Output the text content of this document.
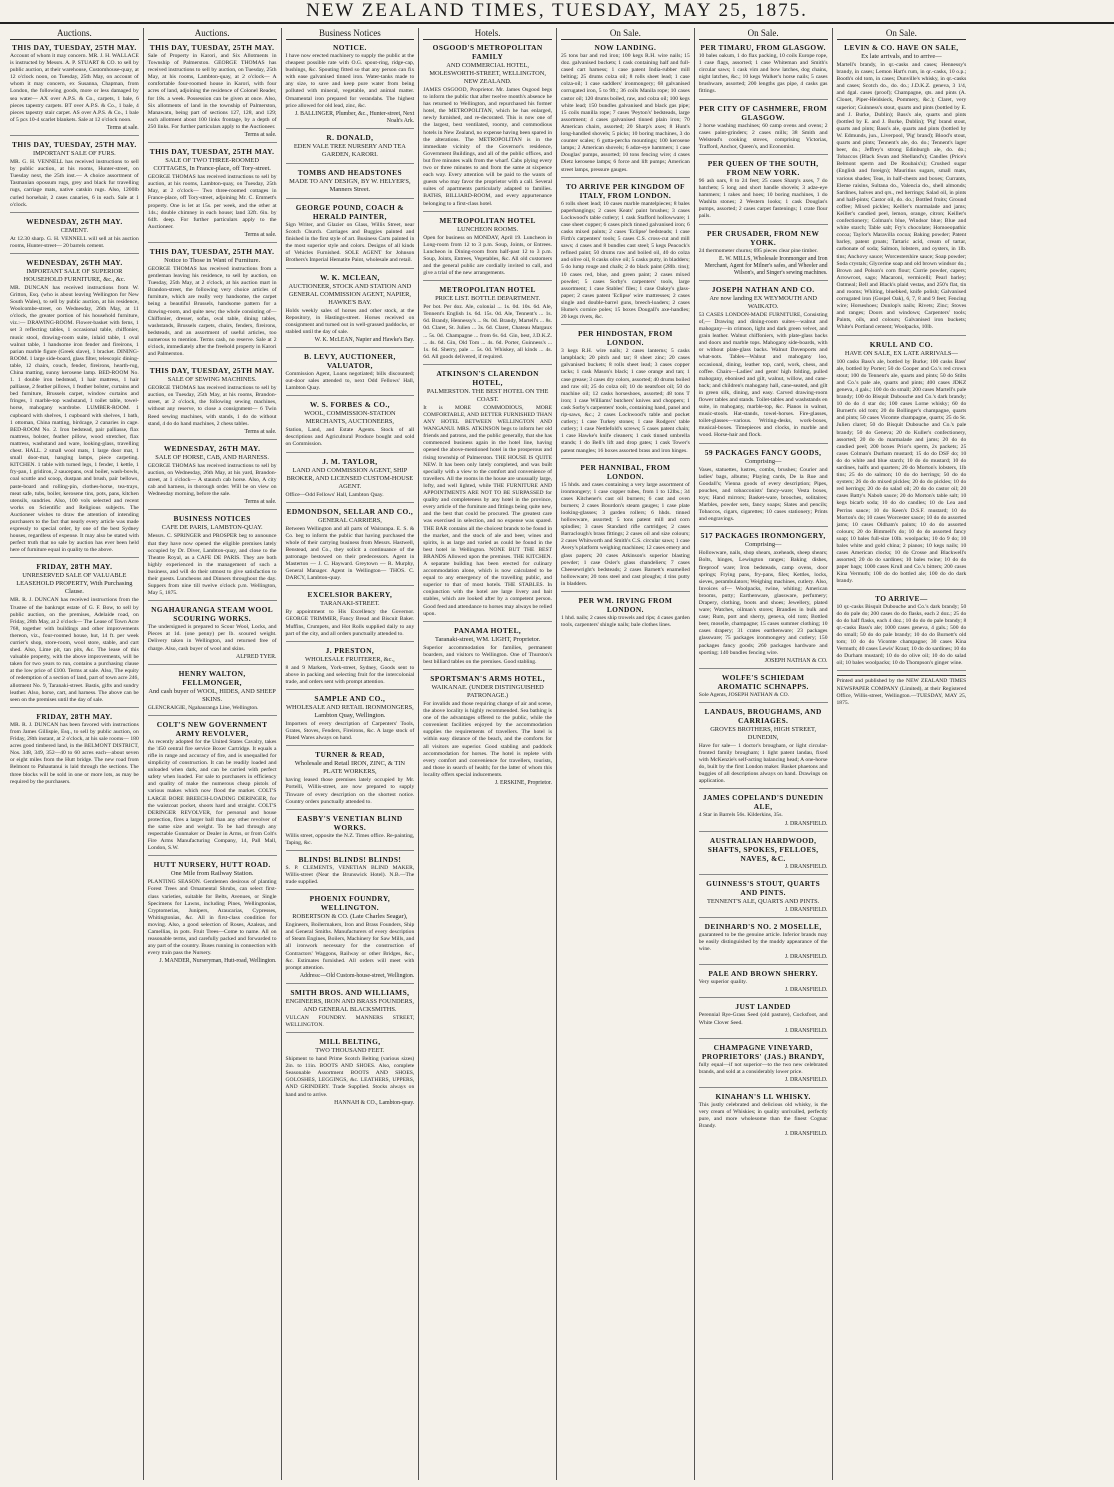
NEW ZEALAND TIMES, TUESDAY, MAY 25, 1875.
Auctions.
THIS DAY, TUESDAY, 25TH MAY.

Account of whom it may concern. MR. J. H. WALLACE is instructed by Messrs. A. P. STUART & CO. to sell by public auction, at their warehouse, Customhouse-quay, at 12 o'clock noon, on Tuesday, 25th May, on account of whom it may concern, ex Susanna, Chapman, from London, the following goods, more or less damaged by sea water— AX over A.P.S. & Co., carpets, 1 bale, 6 pieces tapestry carpets. BT over A.P.S. & Co., 1 bale, 4 pieces tapestry stair carpet. AS over A.P.S. & Co., 1 bale of 5 pcs 10-4 scarlet blankets. Sale at 12 o'clock noon.

Terms at sale.
THIS DAY, TUESDAY, 25TH MAY.
IMPORTANT SALE OF FURS.

MR. G. H. VENNELL has received instructions to sell by public auction, at his rooms, Hunter-street, on Tuesday next, the 25th inst.— A choice assortment of Tasmanian opossum rugs, grey and black fur travelling rugs, carriage mats, native catskin rugs. Also, 1200lb curled horsehair, 2 cases canaries, 6 in each. Sale at 1 o'clock.

WEDNESDAY, 26TH MAY.
CEMENT.

At 12.30 sharp. G. H. VENNELL will sell at his auction rooms, Hunter-street— 20 barrels cement.

WEDNESDAY, 26TH MAY.
IMPORTANT SALE OF SUPERIOR HOUSEHOLD FURNITURE, &c., &c.

MR. DUNCAN has received instructions from W. Gritton, Esq. (who is about leaving Wellington for New South Wales), to sell by public auction, at his residence, Woolcombe-street, on Wednesday, 26th May, at 11 o'clock, the greater portion of his household furniture, viz.:— DRAWING-ROOM. Flower-basket with ferns, 1 set 3 reflecting tables, 1 occasional table, chiffonier, music stool, drawing-room suite, inlaid table, 1 oval walnut table, 1 handsome iron fender and fireirons, 1 parian marble figure (Greek slave), 1 bracket. DINING-ROOM. 1 large side-board, glass filter, telescopic dining-table, 12 chairs, couch, fender, fireirons, hearth-rug, China matting, sunny kerosene lamp. BED-ROOM No. 1. 1 double iron bedstead, 1 hair mattress, 1 hair palliasse, 2 feather pillows, 1 feather bolster, curtains and bed furniture, Brussels carpet, window curtains and fringes, 1 marble-top washstand, 1 toilet table, towel-horse, mahogany wardrobe. LUMBER-ROOM. 1 cupboard with shelves, 1 cupboard with shelves, 1 bath, 1 ottoman, China matting, birdcage, 2 canaries in cage. BED-ROOM No. 2. Iron bedstead, pair palliasse, flax mattress, bolster, feather pillow, wood stretcher, flax mattress, washstand and ware, looking-glass, travelling chest. HALL. 2 small wool mats, 1 large door mat, 1 small door-mat, hanging lamps, piece carpeting. KITCHEN. 1 table with turned legs, 1 fender, 1 kettle, 1 fry-pan, 1 gridiron, 2 saucepans, oval boiler, wash-bowls, coal scuttle and scoop, dustpan and brush, pair bellows, paste-board and rolling-pin, clothes-horse, tea-trays, meat safe, tubs, boiler, kerosene tins, pots, pans, kitchen utensils, sundries. Also, 100 vols selected and recent works on Scientific and Religious subjects. The Auctioneer wishes to draw the attention of intending purchasers to the fact that nearly every article was made expressly to special order, by one of the best Sydney houses, regardless of expense. It may also be stated with perfect truth that no sale by auction has ever been held here of furniture equal in quality to the above.

FRIDAY, 28TH MAY.
UNRESERVED SALE OF VALUABLE LEASEHOLD PROPERTY, With Purchasing Clause.

MR. R. J. DUNCAN has received instructions from the Trustee of the bankrupt estate of G. F. Bow, to sell by public auction, on the premises, Adelaide road, on Friday, 28th May, at 2 o'clock— The Lease of Town Acre 768, together with buildings and other improvements thereon, viz., four-roomed house, hut, 14 ft. per week currier's shop, store-room, wool store, stable, and cart shed. Also, Lime pit, tan pits, &c. The lease of this valuable property, with the above improvements, will be taken for two years to run, contains a purchasing clause at the low price of £100. Terms at sale. Also, The equity of redemption of a section of land, part of town acre 246, allotment No. 9, Taranaki-street. Bastis, gifts and sundry leather. Also, horse, cart, and harness. The above can be seen on the premises until the day of sale.

FRIDAY, 28TH MAY.

MR. R. J. DUNCAN has been favored with instructions from James Gillispie, Esq., to sell by public auction, on Friday, 28th instant, at 2 o'clock, at his sale rooms— 180 acres good timbered land, in the BELMONT DISTRICT, Nos. 348, 349, 352—40 to 60 acres each—about seven or eight miles from the Hutt bridge. The new road from Belmont to Pahautanui is laid through the sections. The three blocks will be sold in one or more lots, as may be required by the purchasers.

Auctions.
THIS DAY, TUESDAY, 25TH MAY.

Sale of Property in Karori, and Six Allotments in Township of Palmerston. GEORGE THOMAS has received instructions to sell by auction, on Tuesday, 25th May, at his rooms, Lambton-quay, at 2 o'clock— A comfortable four-roomed house in Karori, with four acres of land, adjoining the residence of Colonel Reader, for 18s. a week. Possession can be given at once. Also, Six allotments of land in the township of Palmerston, Manawatu, being part of sections 127, 128, and 129; each allotment about 100 links frontage, by a depth of 250 links. For further particulars apply to the Auctioneer.

Terms at sale.
THIS DAY, TUESDAY, 25TH MAY.
SALE OF TWO THREE-ROOMED COTTAGES, In France-place, off Tory-street.

GEORGE THOMAS has received instructions to sell by auction, at his rooms, Lambton-quay, on Tuesday, 25th May, at 2 o'clock— Two three-roomed cottages in France-place, off Tory-street, adjoining Mr. C. Emmett's property. One is let at 15s. per week, and the other at 14s.; double chimney in each house; land 32ft. 6in. by 64ft. deep. For further particulars apply to the Auctioneer.

Terms at sale.
THIS DAY, TUESDAY, 25TH MAY.
Notice to Those in Want of Furniture.

GEORGE THOMAS has received instructions from a gentleman leaving his residence, to sell by auction, on Tuesday, 25th May, at 2 o'clock, at his auction mart in Brandon-street, the following very choice articles of furniture, which are really very handsome, the carpet being a beautiful Brussels, handsome pattern for a drawing-room, and quite new; the whole consisting of— Chiffonier, dresser, sofas, oval table, dining tables, washstands, Brussels carpets, chairs, fenders, fireirons, bedsteads, and an assortment of useful articles, too numerous to mention. Terms cash, no reserve. Sale at 2 o'clock, immediately after the freehold property in Karori and Palmerston.

THIS DAY, TUESDAY, 25TH MAY.
SALE OF SEWING MACHINES.

GEORGE THOMAS has received instructions to sell by auction, on Tuesday, 25th May, at his rooms, Brandon-street, at 2 o'clock, the following sewing machines, without any reserve, to close a consignment— 6 Twin Reed sewing machines, with stands, 1 do do without stand, 4 do do hand machines, 2 chess tables.

Terms at sale.
WEDNESDAY, 26TH MAY.
SALE OF HORSE, CAB, AND HARNESS.

GEORGE THOMAS has received instructions to sell by auction, on Wednesday, 26th May, at his yard, Brandon-street, at 1 o'clock— A staunch cab horse. Also, A city cab and harness, in thorough order. Will be on view on Wednesday morning, before the sale.

Terms at sale.
BUSINESS NOTICES
CAFE DE PARIS, LAMBTON-QUAY.

Messrs. C. SPRINGER and PROSPER beg to announce that they have now opened the eligible premises lately occupied by Dr. Diver, Lambton-quay, and close to the Theatre Royal, as a CAFE DE PARIS. They are both highly experienced in the management of such a business, and will do their utmost to give satisfaction to their guests. Luncheons and Dinners throughout the day. Suppers from nine till twelve o'clock p.m. Wellington, May 5, 1875.

NGAHAURANGA STEAM WOOL SCOURING WORKS.

The undersigned is prepared to Scour Wool, Locks, and Pieces at 1d. (one penny) per lb. scoured weight. Delivery taken in Wellington, and returned free of charge. Also, cash buyer of wool and skins.

ALFRED TYER.
HENRY WALTON, FELLMONGER,
And cash buyer of WOOL, HIDES, AND SHEEP SKINS.

GLENCRAIGIE, Ngahauranga Line, Wellington.

COLT'S NEW GOVERNMENT ARMY REVOLVER,

As recently adopted for the United States Cavalry, takes the '450 central fire service Boxer Cartridge. It equals a rifle in range and accuracy of fire, and is unequalled for simplicity of construction. It can be readily loaded and unloaded when dark, and can be carried with perfect safety when loaded. For sale to purchasers in efficiency and quality of make the numerous cheap pistols of various makes which now flood the market. COLT'S LARGE BORE BREECH-LOADING DERINGER, for the waistcoat pocket, shoots hard and straight. COLT'S DERINGER REVOLVER, for personal and house protection, fires a larger ball than any other revolver of the same size and weight. To be had through any respectable Gunmaker or Dealer in Arms, or from Colt's Fire Arms Manufacturing Company, 14, Pall Mall, London, S.W.

HUTT NURSERY, HUTT ROAD.
One Mile from Railway Station.

PLANTING SEASON. Gentlemen desirous of planting Forest Trees and Ornamental Shrubs, can select first-class varieties, suitable for Belts, Avenues, or Single Specimens for Lawns, including Pines, Wellingtonias, Cryptomerias, Junipers, Araucarias, Cypresses, Whitingtonias, &c. All in first-class condition for moving. Also, a good selection of Roses, Azaleas, and Camellias, in pots. Fruit Trees—Come to name. All on reasonable terms, and carefully packed and forwarded to any part of the country. Buses running in connection with every train pass the Nursery.

J. MANDER, Nurseryman, Hutt-road, Wellington.
Business Notices
NOTICE.

I have now erected machinery to supply the public at the cheapest possible rate with O.G. spout-ring, ridge-cap, bushings, &c. Spouting fitted so that any person can fix with ease galvanised tinned iron. Water-tanks made to any size, to save and keep pure water from being polluted with mineral, vegetable, and animal matter. Ornamental iron prepared for verandahs. The highest price allowed for old lead, zinc, &c.

J. BALLINGER, Plumber, &c., Hunter-street, Next Noah's Ark.
R. DONALD,
EDEN VALE TREE NURSERY AND TEA GARDEN, KARORI.
TOMBS AND HEADSTONES
MADE TO ANY DESIGN, BY W. HELYER'S, Manners Street.
GEORGE POUND, COACH & HERALD PAINTER,

Sign Writer, and Glazier on Glass, Willis Street, near Scotch Church. Carriages and Buggies painted and finished in the first style of art. Business Carts painted in the most superior style and colors. Designs of all kinds of Vehicles Furnished. SOLE AGENT for Johnson Brothers's Imperial Hematite Paint, wholesale and retail.

W. K. MCLEAN,
AUCTIONEER, STOCK AND STATION AND GENERAL COMMISSION AGENT, NAPIER, HAWKE'S BAY.

Holds weekly sales of horses and other stock, at the Repository, in Hastings-street. Horses received on consignment and turned out in well-grassed paddocks, or stabled until the day of sale.

W. K. McLEAN, Napier and Hawke's Bay.
B. LEVY, AUCTIONEER, VALUATOR,

Commission Agent, Loans negotiated; bills discounted; out-door sales attended to, next Odd Fellows' Hall, Lambton Quay.

W. S. FORBES & CO.,
WOOL, COMMISSION-STATION MERCHANTS, AUCTIONEERS,

Station, Land, and Estate Agents. Stock of all descriptions and Agricultural Produce bought and sold on Commission.

J. M. TAYLOR,
LAND AND COMMISSION AGENT, SHIP BROKER, AND LICENSED CUSTOM-HOUSE AGENT.

Office—Odd Fellows' Hall, Lambton Quay.

EDMONDSON, SELLAR AND CO.,
GENERAL CARRIERS,

Between Wellington and all parts of Wairarapa. E. S. & Co. beg to inform the public that having purchased the whole of their carrying business from Messrs. Hastwell, Benstead, and Co., they solicit a continuance of the patronage bestowed on their predecessors. Agent in Masterton — J. C. Hayward. Greytown — R. Murphy, General Manager. Agent in Wellington— THOS. C. DARCY, Lambton-quay.

EXCELSIOR BAKERY,
TARANAKI-STREET.

By appointment to His Excellency the Governor. GEORGE TRIMMER, Fancy Bread and Biscuit Baker. Muffins, Crumpets, and Hot Rolls supplied daily to any part of the city, and all orders punctually attended to.

J. PRESTON,
WHOLESALE FRUITERER, &c.,

8 and 9 Markets, York-street, Sydney, Goods sent to above in packing and selecting fruit for the intercolonial trade, and orders sent with prompt attention.

SAMPLE AND CO.,
WHOLESALE AND RETAIL IRONMONGERS, Lambton Quay, Wellington.

Importers of every description of Carpenters' Tools, Grates, Stoves, Fenders, Fireirons, &c. A large stock of Plated Wares always on hand.

TURNER & READ,
Wholesale and Retail IRON, ZINC, & TIN PLATE WORKERS,

having leased those premises lately occupied by Mr. Portelli, Willis-street, are now prepared to supply Tinware of every description on the shortest notice. Country orders punctually attended to.

EASBY'S VENETIAN BLIND WORKS.

Willis street, opposite the N.Z. Times office. Re-painting, Taping, &c.

BLINDS! BLINDS! BLINDS!

S. P. CLEMENTS, VENETIAN BLIND MAKER, Willis-street (Near the Brunswick Hotel). N.B.—The trade supplied.

PHOENIX FOUNDRY, WELLINGTON.
ROBERTSON & CO. (Late Charles Seagar),

Engineers, Boilermakers, Iron and Brass Founders, Ship and General Smiths. Manufacturers of every description of Steam Engines, Boilers, Machinery for Saw Mills, and all ironwork necessary for the construction of Contractors' Waggons, Railway or other Bridges, &c., &c. Estimates furnished. All orders will meet with prompt attention.

Address:—Old Custom-house-street, Wellington.
SMITH BROS. AND WILLIAMS,
ENGINEERS, IRON AND BRASS FOUNDERS, AND GENERAL BLACKSMITHS.

VULCAN FOUNDRY. MANNERS STREET, WELLINGTON.

MILL BELTING,
TWO THOUSAND FEET.

Shipment to hand Prime Scotch Belting (various sizes) 2in. to 11in. BOOTS AND SHOES. Also, complete Seasonable Assortment BOOTS AND SHOES, GOLOSHES, LEGGINGS, &c. LEATHERS, UPPERS, AND GRINDERY. Trade Supplied. Stocks always on hand and to arrive.

HANNAH & CO., Lambton-quay.
Hotels.
OSGOOD'S METROPOLITAN FAMILY
AND COMMERCIAL HOTEL, MOLESWORTH-STREET, WELLINGTON, NEW ZEALAND.

JAMES OSGOOD, Proprietor. Mr. James Osgood begs to inform the public that after twelve month's absence he has returned to Wellington, and repurchased his former hotel, the METROPOLITAN, which he has enlarged, newly furnished, and re-decorated. This is now one of the largest, best ventilated, roomy, and commodious hotels in New Zealand, no expense having been spared in the alterations. The METROPOLITAN is in the immediate vicinity of the Governor's residence, Government Buildings, and all of the public offices, and but five minutes walk from the wharf. Cabs plying every two or three minutes to and from the same at sixpence each way. Every attention will be paid to the wants of guests who may favor the proprietor with a call. Several suites of apartments particularly adapted to families. BATHS, BILLIARD-ROOM, and every appurtenance belonging to a first-class hotel.

METROPOLITAN HOTEL
LUNCHEON ROOMS.

Open for business on MONDAY, April 19. Luncheon in Long-room from 12 to 3 p.m. Soup, Joints, or Entrees. Luncheon in Dining-room from half-past 12 to 3 p.m. Soup, Joints, Entrees, Vegetables, &c. All old customers and the general public are cordially invited to call, and give a trial of the new arrangements.

METROPOLITAN HOTEL
PRICE LIST. BOTTLE DEPARTMENT.

Per bot. Per doz. Ale, colonial ... 1s. 0d. 10s. 6d. Ale, Tennent's English 1s. 6d. 15s. 0d. Ale, Tennent's ... 1s. 6d. Brandy, Hennessy's ... 8s. 0d. Brandy, Martell's ... 8s. 0d. Claret, St. Julien ... 3s. 6d. Claret, Chateau Margaux ... 5s. 0d. Champagne ... from 6s. 6d. Gin, best, J.D.K.Z. ... 4s. 6d. Gin, Old Tom ... 4s. 6d. Porter, Guinness's ... 1s. 6d. Sherry, pale ... 5s. 0d. Whiskey, all kinds ... 4s. 6d. All goods delivered, if required.

ATKINSON'S CLARENDON HOTEL,
PALMERSTON. THE BEST HOTEL ON THE COAST.

It is MORE COMMODIOUS, MORE COMFORTABLE, AND BETTER FURNISHED THAN ANY HOTEL BETWEEN WELLINGTON AND WANGANUI. MRS. ATKINSON begs to inform her old friends and patrons, and the public generally, that she has commenced business again in the hotel line, having opened the above-mentioned hotel in the prosperous and rising township of Palmerston. THE HOUSE IS QUITE NEW. It has been only lately completed, and was built specially with a view to the comfort and convenience of travellers. All the rooms in the house are unusually large, lofty, and well lighted, while THE FURNITURE AND APPOINTMENTS ARE NOT TO BE SURPASSED for quality and completeness by any hotel in the province, every article of the furniture and fittings being quite new, and the best that could be procured. The greatest care was exercised in selection, and no expense was spared. THE BAR contains all the choicest brands to be found in the market, and the stock of ale and beer, wines and spirits, is as large and varied as could be found in the best hotel in Wellington. NONE BUT THE BEST BRANDS Allowed upon the premises. THE KITCHEN. A separate building has been erected for culinary accommodation alone, which is now calculated to be equal to any emergency of the travelling public, and superior to that of most hotels. THE STABLES. In conjunction with the hotel are large livery and bait stables, which are looked after by a competent person. Good feed and attendance to horses may always be relied upon.

PANAMA HOTEL,
Taranaki-street, WM. LIGHT, Proprietor.

Superior accommodation for families, permanent boarders, and visitors to Wellington. One of Thurston's best billiard tables on the premises. Good stabling.

SPORTSMAN'S ARMS HOTEL,
WAIKANAE. (UNDER DISTINGUISHED PATRONAGE.)

For invalids and those requiring change of air and scene, the above locality is highly recommended. Sea bathing is one of the advantages offered to the public, while the convenient facilities enjoyed by the accommodation supplies the requirements of travellers. The hotel is within easy distance of the beach, and the comforts for all visitors are superior. Good stabling and paddock accommodation for horses. The hotel is replete with every comfort and convenience for travellers, tourists, and those in search of health; for the latter of whom this locality offers special inducements.

J. ERSKINE, Proprietor.
On Sale.
NOW LANDING.

25 tons bar and rod iron; 100 kegs R.H. wire nails; 15 doz. galvanised buckets; 1 cask containing half and full-cased cart harness; 1 case patent India-rubber mill belting; 25 drums colza oil; 8 rolls sheet lead; 1 case colza-oil; 1 case saddlers' ironmongery; 68 galvanised corrugated iron, 5 to 9ft.; 36 coils Manila rope; 10 cases castor oil; 120 drums boiled, raw, and colza oil; 100 kegs white lead; 150 bundles galvanised and black gas pipe; 15 coils manilla rope; 7 cases 'Peyton's' bedsteads, large assortment; 4 cases galvanised tinned plain iron; 70 American chairs, assorted; 20 Sharp's axes; 8 Hunt's long-handled shovels; 5 picks; 10 boring machines, 3 do counter scales; 6 gutta-percha mountings; 100 kerosene lamps; 2 American shovels; 6 adze-eye hammers; 1 case Douglas' pumps, assorted; 10 tons fencing wire; 4 cases Dietz kerosene lamps; 6 force and lift pumps; American street lamps, pressure gauges.

TO ARRIVE PER KINGDOM OF ITALY, FROM LONDON.

6 rolls sheet lead; 10 cases marble mantelpieces; 8 bales paperhangings; 2 cases Keats' paint brushes; 3 cases Lockwood's table cutlery; 1 cask Stafford hollowware; 1 case sheet copper; 6 cases pitch tinned galvanised iron; 6 casks mixed paints; 2 cases 'Eclipse' bedsteads; 1 case Firth's carpenters' tools; 5 cases C.S. cross-cut and mill saws; 4 cases and 8 bundles cast steel; 5 kegs Peacock's refined paint; 50 drums raw and boiled oil, 40 do colza and olive oil, 8 casks olive oil; 5 casks putty, in bladders; 5 do lump rouge and chalk; 2 do black paint (28lb. tins); 10 cases red, blue, and green paint; 2 cases mixed powder; 5 cases Sorby's carpenters' tools, large assortment; 1 case Stables' files; 1 case Oakey's glass-paper; 2 cases patent 'Eclipse' wire mattresses; 2 cases single and double-barrel guns, breech-loaders; 2 cases Hume's cornice poles; 15 boxes Dougall's axe-handles; 20 kegs rivets, &c.

PER HINDOSTAN, FROM LONDON.

3 kegs R.H. wire nails; 2 cases lanterns; 5 casks lampblack; 20 pitch and tar; 8 sheet zinc; 20 cases galvanised buckets; 8 rolls sheet lead; 3 cases copper tacks; 1 cask Mason's black; 1 case orange and tan; 1 case grease; 3 cases dry colors, assorted; 40 drums boiled and raw oil; 25 do colza oil; 10 do neatsfoot oil; 50 do machine oil; 12 casks horseshoes, assorted; 48 tons T iron; 1 case Williams' butchers' knives and choppers; 1 cask Sorby's carpenters' tools, containing hand, panel and rip-saws, &c.; 2 cases Lockwood's table and pocket cutlery; 1 case Turkey stones; 1 case Rodgers' table cutlery; 1 case Nettlefold's screws; 5 cases patent chain; 1 case Hawke's knife cleaners; 1 cask tinned umbrella stands; 1 do Bell's lift and drop gates; 1 cask Tower's patent mangles; 16 boxes assorted brass and iron hinges.

PER HANNIBAL, FROM LONDON.

15 hhds. and cases containing a very large assortment of ironmongery; 1 case copper tubes, from 1 to 12lbs.; 34 cases Kitchener's cast oil burners; 6 cast and oven burners; 2 cases Bourdon's steam gauges; 1 case plate looking-glasses; 3 garden rollers; 6 hhds. tinned hollowware, assorted; 5 tons patent mill and corn spindles; 3 cases Standard rifle cartridges; 2 cases Barraclough's brass fittings; 2 cases oil and size colours; 2 cases Whitworth and Smith's C.S. circular saws; 1 case Avery's platform weighing machines; 12 cases emery and glass papers; 20 cases Atkinson's superior blasting powder; 1 case Osler's glass chandeliers; 7 cases Cheesewright's bedsteads; 2 cases Barnett's enamelled hollowware; 20 tons steel and cast ploughs; 4 tins putty in bladders.

PER WM. IRVING FROM LONDON.

1 hhd. nails; 2 cases ship trowels and rips; 4 cases garden tools, carpenters' shingle nails; bale clothes lines.

On Sale.
PER TIMARU, FROM GLASGOW.

10 bales oakum, 1 do flax packing, 10 coils Europe rope, 1 case flags, assorted; 1 case Whiteman and Smith's circular saws; 1 cask vim and bow latches, dog chains, night latches, &c.; 10 kegs Walker's horse nails; 5 cases brushware, assorted; 200 lengths gas pipe, 4 casks gas fittings.

PER CITY OF CASHMERE, FROM GLASGOW.

2 horse washing machines; 60 camp ovens and ovens; 2 cases paint-grinders; 2 cases mills; 38 Smith and Welstead's cooking stoves, comprising Victorias, Trafford, Anchor, Queen's, and Economist.

PER QUEEN OF THE SOUTH, FROM NEW YORK.

96 ash oars, 8 to 24 feet; 25 cases Sharp's axes, 7 do hatchets; 5 long and short handle shovels; 3 adze-eye hammers; 1 rakes and hoes; 10 boring machines, 1 do Washita stones; 2 Western looks; 1 cask Douglas's pumps, assorted; 2 cases carpet fastenings; 1 crate flour pails.

PER CRUSADER, FROM NEW YORK.

24 thermometer churns; 695 pieces clear pine timber.

E. W. MILLS, Wholesale Ironmonger and Iron Merchant, Agent for Milner's safes, and Wheeler and Wilson's, and Singer's sewing machines.
JOSEPH NATHAN AND CO.
Are now landing EX WEYMOUTH AND WAIKATO.

53 CASES LONDON-MADE FURNITURE, Consisting of,— Drawing and dining-room suites—walnut and mahogany—in crimson, light and dark green velvet, and grain leather. Walnut chiffoniers, with plate-glass backs and doors and marble tops. Mahogany side-boards, with or without plate-glass backs. Walnut Davenports and what-nots. Tables—Walnut and mahogany loo, occasional, dining, leather top, card, work, chess, and coffee. Chairs—Ladies' and gents' high folding, pulled mahogany, ebonised and gilt, walnut, willow, and cane-back; and children's mahogany hall, cane-seated, and gilt in green silk, dining, and easy. Carved drawing-room flower tables and stands. Toilet-tables and washstands en suite, in mahogany, marble-top, &c. Pianos in walnut, music-stools. Hat-stands, towel-horses. Fire-glasses, toilet-glasses—various. Writing-desks, work-boxes, musical-boxes. Timepieces and clocks, in marble and wood. Horse-hair and flock.

59 PACKAGES FANCY GOODS,
Comprising—

Vases, statuettes, lustres, combs, brushes; Courier and ladies' bags, albums; Playing cards, De la Rue and Goodall's; Vienna goods of every description; Pipes, pouches, and tobacconists' fancy-ware; Vesta boxes, toys; Hand mirrors; Basket-ware, brooches, solitaires; Marbles, powder sets, fancy soaps; Slates and pencils; Tobaccos, cigars, cigarettes; 10 cases stationery; Prints and engravings.

517 PACKAGES IRONMONGERY,
Comprising—

Hollowware, nails, shop shears, axeheads, sheep shears; Bolts, hinges, Lewington ranges; Baking dishes, fireproof ware; Iron bedsteads, camp ovens, door springs; Frying pans, fry-pans, files; Kettles, locks, sieves, perambulators; Weighing machines, cutlery. Also, Invoices of— Woolpacks, twine, whiting; American brooms, putty; Earthenware, glassware, perfumery; Drapery, clothing, boots and shoes; Jewellery, plated ware; Watches, oilman's stores; Brandies in bulk and case; Rum, port and sherry, geneva, old tom; Bottled beer, moselle, champagne; 15 cases summer clothing; 10 cases drapery; 31 crates earthenware; 23 packages glassware; 75 packages ironmongery and cutlery; 150 packages fancy goods; 260 packages hardware and sporting; 140 bundles fencing wire.

JOSEPH NATHAN & CO.
WOLFE'S SCHIEDAM AROMATIC SCHNAPPS.

Sole Agents, JOSEPH NATHAN & CO.

LANDAUS, BROUGHAMS, AND CARRIAGES.
GROVES BROTHERS, HIGH STREET, DUNEDIN,

Have for sale— 1 doctor's brougham, or light circular-fronted family brougham; 1 light patent landau, fixed with McKenzie's self-acting balancing head; A one-horse do, built by the first London maker. Basket phaetons and buggies of all descriptions always on hand. Drawings on application.

JAMES COPELAND'S DUNEDIN ALE,

4 Star in Barrels 56s. Kilderkins, 35s.

J. DRANSFIELD.
AUSTRALIAN HARDWOOD, SHAFTS, SPOKES, FELLOES, NAVES, &C.
J. DRANSFIELD.
GUINNESS'S STOUT, QUARTS AND PINTS.
TENNENT'S ALE, QUARTS AND PINTS.
J. DRANSFIELD.
DEINHARD'S NO. 2 MOSELLE,

guaranteed to be the genuine article. Inferior brands may be easily distinguished by the muddy appearance of the wine.

J. DRANSFIELD.
PALE AND BROWN SHERRY.

Very superior quality.

J. DRANSFIELD.
JUST LANDED

Perennial Rye-Grass Seed (old pasture), Cocksfoot, and White Clover Seed.

J. DRANSFIELD.
CHAMPAGNE VINEYARD, PROPRIETORS' (JAS.) BRANDY,

fully equal—if not superior—to the two new celebrated brands, and sold at a considerably lower price.

J. DRANSFIELD.
KINAHAN'S LL WHISKY.

This justly celebrated and delicious old whisky, is the very cream of Whiskies; in quality unrivalled, perfectly pure, and more wholesome than the finest Cognac Brandy.

J. DRANSFIELD.
On Sale.
LEVIN & CO. HAVE ON SALE,
Ex late arrivals, and to arrive—

Martell's brandy, in qr.-casks and cases; Hennessy's brandy, in cases; Lemon Hart's rum, in qr.-casks, 10 o.p.; Booth's old tom, in cases; Dunville's whisky, in qr.-casks and cases; Scotch do., do. do.; J.D.K.Z. geneva, 3 1/4, and 4gal. cases (proof); Champagne, qts. and pints (A. Clouet, Piper-Heidsieck, Pommery, &c.); Claret, very superior; Guinness's stout, quarts and pints (bottled by E. and J. Burke, Dublin); Bass's ale, quarts and pints (bottled by E. and J. Burke, Dublin); 'Pig' brand stout, quarts and pints; Bass's ale, quarts and pints (bottled by W. Edmunds, jun., Liverpool, 'Pig' brand); Blood's stout, quarts and pints; Tennent's ale, do. do.; Tennent's lager beer, do.; Jeffrey's strong Edinburgh ale, do. do.; Tobaccos (Black Swan and Shelland's); Candles (Price's Belmont sperm and De Roubaix's); Crushed sugar (English and foreign); Mauritius sugars, small mats, various shades; Teas, in half-chests and boxes; Currants, Eleme raisins, Sultana do., Valencia do., shell almonds; Sardines, halves and qrs., red herrings; Salad oil, in pints and half-pints; Castor oil, do. do.; Bottled fruits; Ground coffee; Mixed pickles; Keiller's marmalade and jams; Keiller's candied peel, lemon, orange, citron; Keiller's confectionery; Colman's blue, Windsor blue; Blue and white starch; Table salt; Fry's chocolate; Homoeopathic cocoa; Taylor's Maravilla cocoa; Baking powder; Patent barley, patent groats; Tartaric acid, cream of tartar, carbonate of soda; Salmon, lobsters, and oysters, in 1lb. tins; Anchovy sauce; Worcestershire sauce; Soap powder; Soda crystals; Glycerine soap and old brown windsor do.; Brown and Polson's corn flour; Currie powder, capers; Arrowroot, sago; Macaroni, vermicelli; Pearl barley; Oatmeal; Bell and Black's plaid vestas, and 250's flat, tin and rooms; Whiting, bluebked, knife polish; Galvanised corrugated iron (Gospel Oak), 6, 7, 8 and 9 feet; Fencing wire; Horseshoes; Dunlop's nails; Rivets; Zinc; Stoves and ranges; Doors and windows; Carpenters' tools; Paints, oils, and colours; Galvanised iron buckets; White's Portland cement; Woolpacks, 10lb.

KRULL AND CO.
HAVE ON SALE, EX LATE ARRIVALS—

100 casks Bass's ale, bottled by Burke; 100 casks Bass' ale, bottled by Porter; 50 do Cooper and Co.'s red crown stout; 100 do Tennent's ale, quarts and pints; 50 do Stilts and Co.'s pale ale, quarts and pints; 400 cases JDKZ geneva, 4 gals.; 100 do do small; 200 cases Martell's pale brandy; 100 do Bisquit Dubouche and Co.'s dark brandy; 10 do do 4 star do; 100 cases Lorne whisky; 60 do Burnett's old tom; 20 do Bollinger's champagne, quarts and pints; 50 cases Vicomte champagne, quarts; 25 do St. Julien claret; 50 do Bisquit Dubouche and Co.'s pale brandy; 50 do Geneva; 20 do Kuller's confectionery, assorted; 20 do do marmalade and jams; 20 do do candied peel; 200 boxes Prior's sperm, 2s packets; 25 cases Colman's Durham mustard; 15 do do DSF do; 10 do do white and blue starch; 10 do do mustard; 10 do sardines, halfs and quarters; 20 do Morton's lobsters, 1lb tins; 25 do do salmon; 10 do do herrings; 50 do do oysters; 26 do do mixed pickles; 20 do do pickles; 10 do red herrings; 20 do do salad oil; 20 do do castor oil; 20 cases Batty's Nabob sauce; 20 do Morton's table salt; 10 kegs bicarb soda; 10 do do candles; 10 do Lea and Perrins sauce; 10 do Keen's D.S.F. mustard; 10 do Morton's do; 10 cases Worcester sauce; 10 do do assorted jams; 10 cases Oldham's paints; 10 do do assorted colours; 20 do Bimmell's do; 10 do do assorted fancy soap; 10 bales full-size 10lb. woolpacks; 10 do 9 do; 10 bales white and gold china; 2 pianos; 10 kegs nails; 10 cases American clocks; 10 do Crosse and Blackwell's assorted; 20 do do sardines; 10 bales twine; 10 do do paper bags; 1000 cases Krull and Co.'s bitters; 200 cases Kina Vermuth; 100 do do bottled ale; 100 do do dark brandy.

TO ARRIVE—

10 qr.-casks Bisquit Dubouche and Co.'s dark brandy; 50 do do pale do; 200 cases do do flasks, each 2 doz.; 25 do do do half flasks, each 4 doz.; 10 do do do pale brandy; 8 qr.-casks Bass's ale; 1000 cases geneva, 4 gals.; 500 do do small; 50 do do pale brandy; 10 do do Burnett's old tom; 10 do do Vicomte champagne; 30 cases Kina Vermuth; 40 cases Lewis' Kraut; 10 do do sardines; 10 do do Durham mustard; 10 do do olive oil; 10 do do salad oil; 10 bales woolpacks; 10 do Thompson's ginger wine.

Printed and published by the NEW ZEALAND TIMES NEWSPAPER COMPANY (Limited), at their Registered Office, Willis-street, Wellington.—TUESDAY, MAY 25, 1875.
